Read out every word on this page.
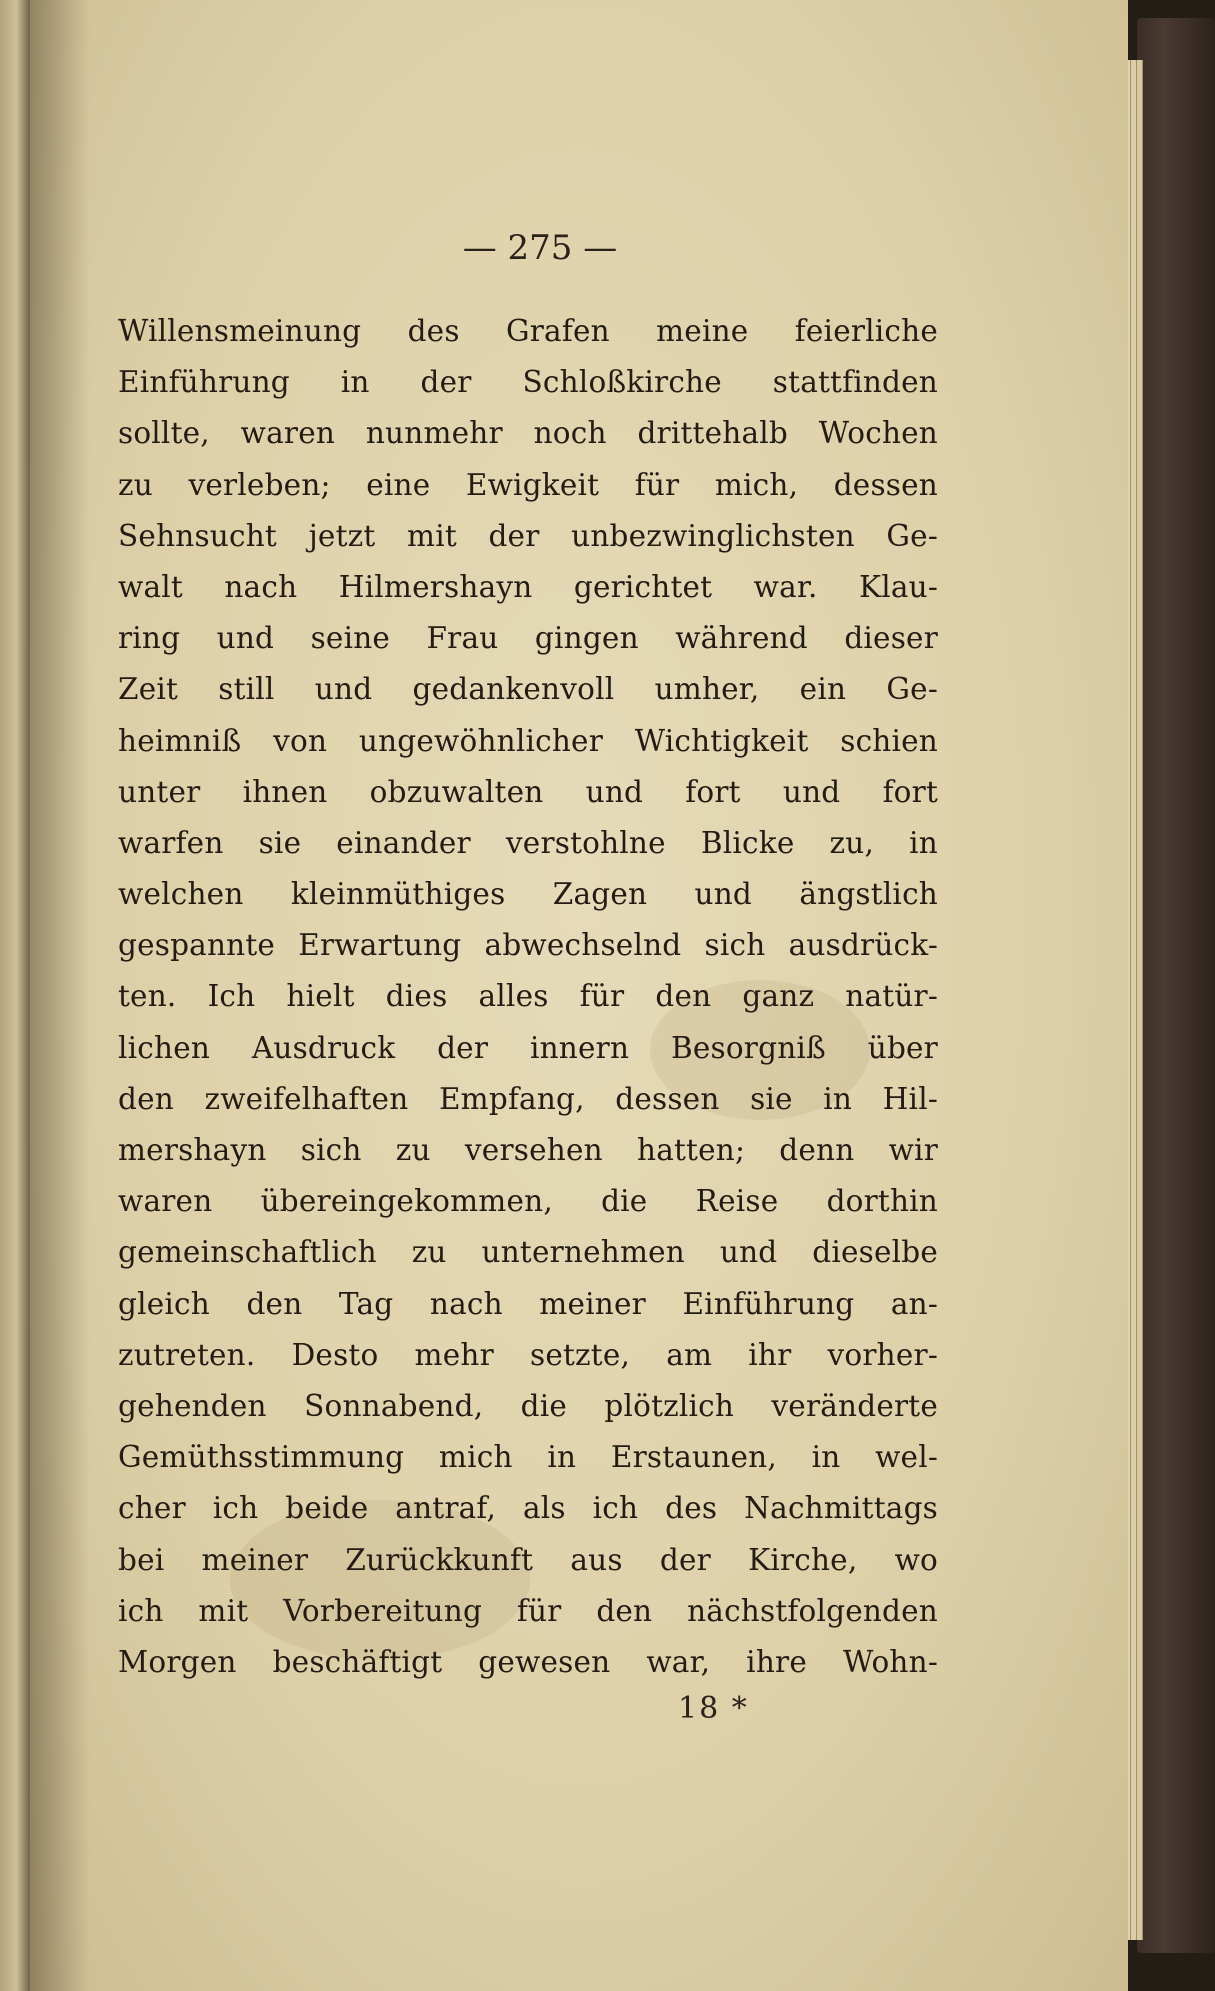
— 275 —
Willensmeinung des Grafen meine feierliche
Einführung in der Schloßkirche stattfinden
sollte, waren nunmehr noch drittehalb Wochen
zu verleben; eine Ewigkeit für mich, dessen
Sehnsucht jetzt mit der unbezwinglichsten Ge-
walt nach Hilmershayn gerichtet war. Klau-
ring und seine Frau gingen während dieser
Zeit still und gedankenvoll umher, ein Ge-
heimniß von ungewöhnlicher Wichtigkeit schien
unter ihnen obzuwalten und fort und fort
warfen sie einander verstohlne Blicke zu, in
welchen kleinmüthiges Zagen und ängstlich
gespannte Erwartung abwechselnd sich ausdrück-
ten. Ich hielt dies alles für den ganz natür-
lichen Ausdruck der innern Besorgniß über
den zweifelhaften Empfang, dessen sie in Hil-
mershayn sich zu versehen hatten; denn wir
waren übereingekommen, die Reise dorthin
gemeinschaftlich zu unternehmen und dieselbe
gleich den Tag nach meiner Einführung an-
zutreten. Desto mehr setzte, am ihr vorher-
gehenden Sonnabend, die plötzlich veränderte
Gemüthsstimmung mich in Erstaunen, in wel-
cher ich beide antraf, als ich des Nachmittags
bei meiner Zurückkunft aus der Kirche, wo
ich mit Vorbereitung für den nächstfolgenden
Morgen beschäftigt gewesen war, ihre Wohn-
18 *
